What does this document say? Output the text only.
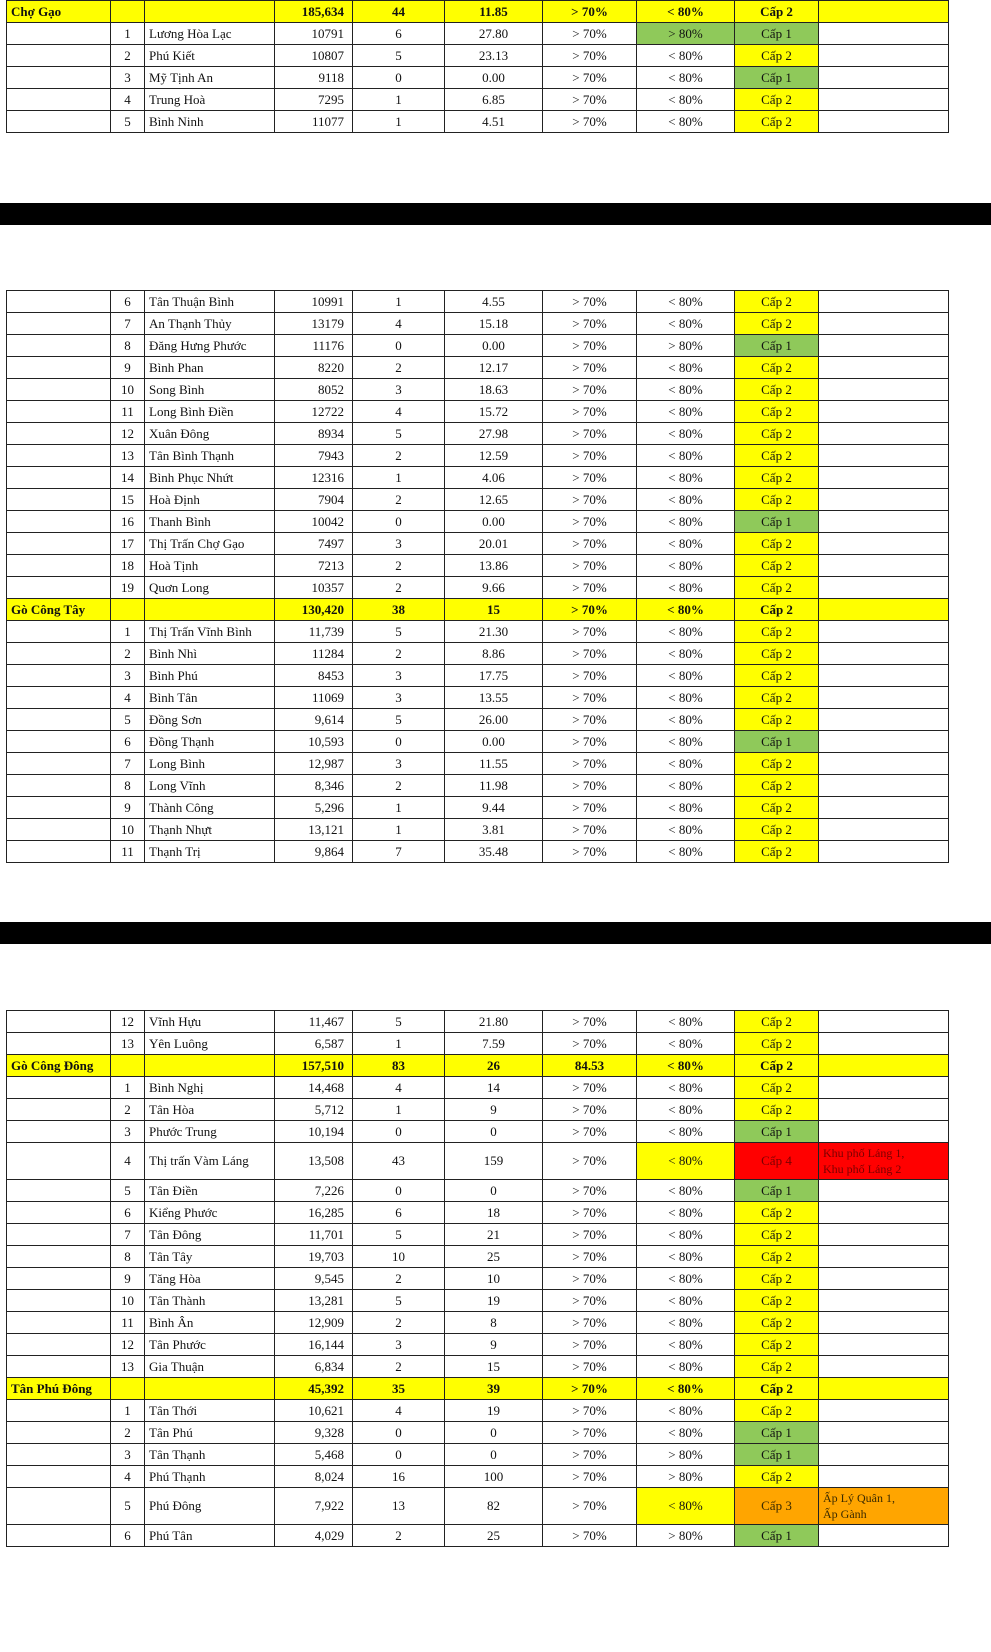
Chợ Gạo			185,634	44	11.85	> 70%	< 80%	Cấp 2	
	1	Lương Hòa Lạc	10791	6	27.80	> 70%	> 80%	Cấp 1	
	2	Phú Kiết	10807	5	23.13	> 70%	< 80%	Cấp 2	
	3	Mỹ Tịnh An	9118	0	0.00	> 70%	< 80%	Cấp 1	
	4	Trung Hoà	7295	1	6.85	> 70%	< 80%	Cấp 2	
	5	Bình Ninh	11077	1	4.51	> 70%	< 80%	Cấp 2	
	6	Tân Thuận Bình	10991	1	4.55	> 70%	< 80%	Cấp 2	
	7	An Thạnh Thủy	13179	4	15.18	> 70%	< 80%	Cấp 2	
	8	Đăng Hưng Phước	11176	0	0.00	> 70%	> 80%	Cấp 1	
	9	Bình Phan	8220	2	12.17	> 70%	< 80%	Cấp 2	
	10	Song Bình	8052	3	18.63	> 70%	< 80%	Cấp 2	
	11	Long Bình Điền	12722	4	15.72	> 70%	< 80%	Cấp 2	
	12	Xuân Đông	8934	5	27.98	> 70%	< 80%	Cấp 2	
	13	Tân Bình Thạnh	7943	2	12.59	> 70%	< 80%	Cấp 2	
	14	Bình Phục Nhứt	12316	1	4.06	> 70%	< 80%	Cấp 2	
	15	Hoà Định	7904	2	12.65	> 70%	< 80%	Cấp 2	
	16	Thanh Bình	10042	0	0.00	> 70%	< 80%	Cấp 1	
	17	Thị Trấn Chợ Gạo	7497	3	20.01	> 70%	< 80%	Cấp 2	
	18	Hoà Tịnh	7213	2	13.86	> 70%	< 80%	Cấp 2	
	19	Quơn Long	10357	2	9.66	> 70%	< 80%	Cấp 2	
Gò Công Tây			130,420	38	15	> 70%	< 80%	Cấp 2	
	1	Thị Trấn Vĩnh Bình	11,739	5	21.30	> 70%	< 80%	Cấp 2	
	2	Bình Nhì	11284	2	8.86	> 70%	< 80%	Cấp 2	
	3	Bình Phú	8453	3	17.75	> 70%	< 80%	Cấp 2	
	4	Bình Tân	11069	3	13.55	> 70%	< 80%	Cấp 2	
	5	Đồng Sơn	9,614	5	26.00	> 70%	< 80%	Cấp 2	
	6	Đồng Thạnh	10,593	0	0.00	> 70%	< 80%	Cấp 1	
	7	Long Bình	12,987	3	11.55	> 70%	< 80%	Cấp 2	
	8	Long Vĩnh	8,346	2	11.98	> 70%	< 80%	Cấp 2	
	9	Thành Công	5,296	1	9.44	> 70%	< 80%	Cấp 2	
	10	Thạnh Nhựt	13,121	1	3.81	> 70%	< 80%	Cấp 2	
	11	Thạnh Trị	9,864	7	35.48	> 70%	< 80%	Cấp 2	
	12	Vĩnh Hựu	11,467	5	21.80	> 70%	< 80%	Cấp 2	
	13	Yên Luông	6,587	1	7.59	> 70%	< 80%	Cấp 2	
Gò Công Đông			157,510	83	26	84.53	< 80%	Cấp 2	
	1	Bình Nghị	14,468	4	14	> 70%	< 80%	Cấp 2	
	2	Tân Hòa	5,712	1	9	> 70%	< 80%	Cấp 2	
	3	Phước Trung	10,194	0	0	> 70%	< 80%	Cấp 1	
	4	Thị trấn Vàm Láng	13,508	43	159	> 70%	< 80%	Cấp 4	Khu phố Láng 1,
Khu phố Láng 2

	5	Tân Điền	7,226	0	0	> 70%	< 80%	Cấp 1	
	6	Kiểng Phước	16,285	6	18	> 70%	< 80%	Cấp 2	
	7	Tân Đông	11,701	5	21	> 70%	< 80%	Cấp 2	
	8	Tân Tây	19,703	10	25	> 70%	< 80%	Cấp 2	
	9	Tăng Hòa	9,545	2	10	> 70%	< 80%	Cấp 2	
	10	Tân Thành	13,281	5	19	> 70%	< 80%	Cấp 2	
	11	Bình Ân	12,909	2	8	> 70%	< 80%	Cấp 2	
	12	Tân Phước	16,144	3	9	> 70%	< 80%	Cấp 2	
	13	Gia Thuận	6,834	2	15	> 70%	< 80%	Cấp 2	
Tân Phú Đông			45,392	35	39	> 70%	< 80%	Cấp 2	
	1	Tân Thới	10,621	4	19	> 70%	< 80%	Cấp 2	
	2	Tân Phú	9,328	0	0	> 70%	< 80%	Cấp 1	
	3	Tân Thạnh	5,468	0	0	> 70%	> 80%	Cấp 1	
	4	Phú Thạnh	8,024	16	100	> 70%	> 80%	Cấp 2	
	5	Phú Đông	7,922	13	82	> 70%	< 80%	Cấp 3	Ấp Lý Quân 1,
Ấp Gành

	6	Phú Tân	4,029	2	25	> 70%	> 80%	Cấp 1	
